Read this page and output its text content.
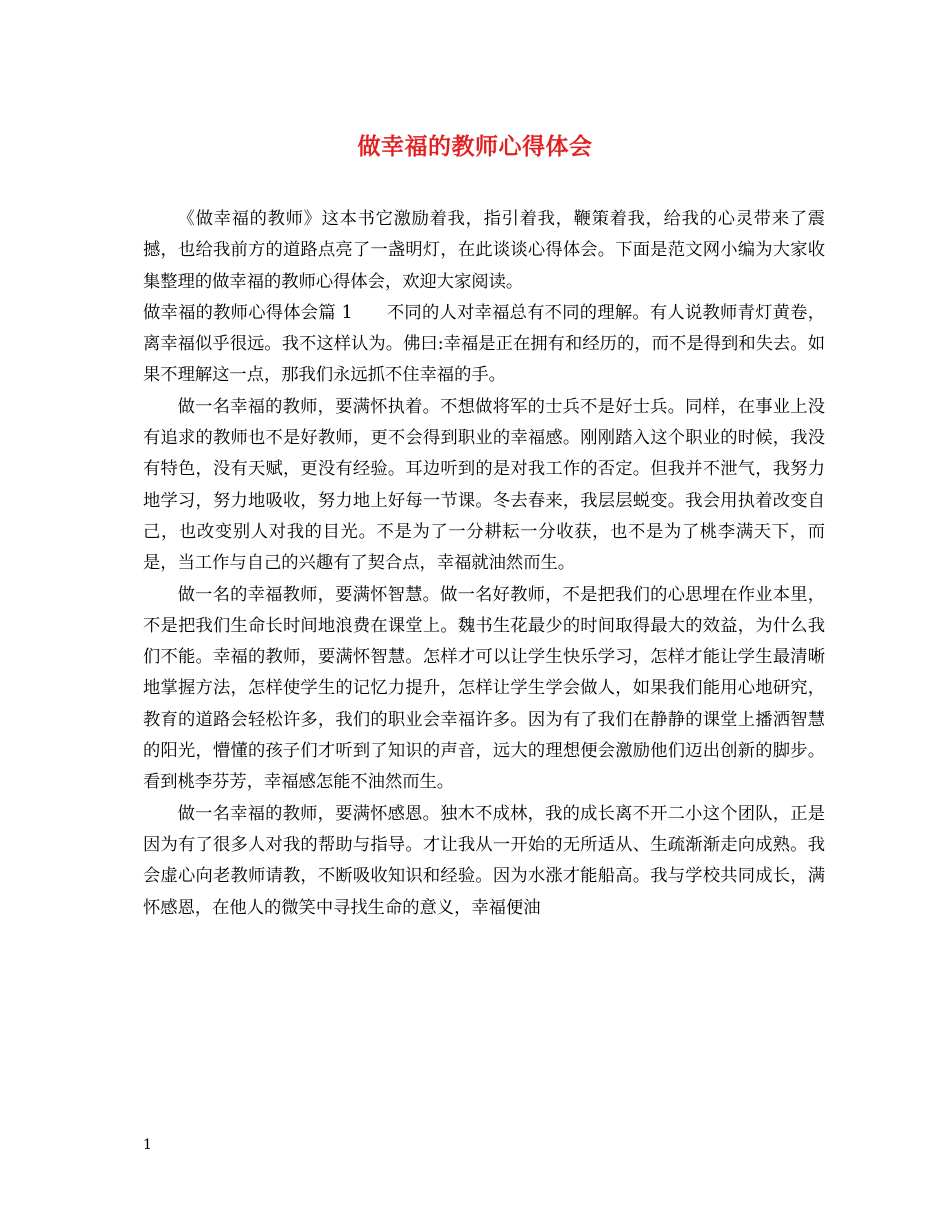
做幸福的教师心得体会

《做幸福的教师》这本书它激励着我，指引着我，鞭策着我，给我的心灵带来了震撼，也给我前方的道路点亮了一盏明灯，在此谈谈心得体会。下面是范文网小编为大家收集整理的做幸福的教师心得体会，欢迎大家阅读。

做幸福的教师心得体会篇 1 不同的人对幸福总有不同的理解。有人说教师青灯黄卷，离幸福似乎很远。我不这样认为。佛曰:幸福是正在拥有和经历的，而不是得到和失去。如果不理解这一点，那我们永远抓不住幸福的手。

做一名幸福的教师，要满怀执着。不想做将军的士兵不是好士兵。同样，在事业上没有追求的教师也不是好教师，更不会得到职业的幸福感。刚刚踏入这个职业的时候，我没有特色，没有天赋，更没有经验。耳边听到的是对我工作的否定。但我并不泄气，我努力地学习，努力地吸收，努力地上好每一节课。冬去春来，我层层蜕变。我会用执着改变自己，也改变别人对我的目光。不是为了一分耕耘一分收获，也不是为了桃李满天下，而是，当工作与自己的兴趣有了契合点，幸福就油然而生。

做一名的幸福教师，要满怀智慧。做一名好教师，不是把我们的心思埋在作业本里，不是把我们生命长时间地浪费在课堂上。魏书生花最少的时间取得最大的效益，为什么我们不能。幸福的教师，要满怀智慧。怎样才可以让学生快乐学习，怎样才能让学生最清晰地掌握方法，怎样使学生的记忆力提升，怎样让学生学会做人，如果我们能用心地研究，教育的道路会轻松许多，我们的职业会幸福许多。因为有了我们在静静的课堂上播洒智慧的阳光，懵懂的孩子们才听到了知识的声音，远大的理想便会激励他们迈出创新的脚步。看到桃李芬芳，幸福感怎能不油然而生。

做一名幸福的教师，要满怀感恩。独木不成林，我的成长离不开二小这个团队，正是因为有了很多人对我的帮助与指导。才让我从一开始的无所适从、生疏渐渐走向成熟。我会虚心向老教师请教，不断吸收知识和经验。因为水涨才能船高。我与学校共同成长，满怀感恩，在他人的微笑中寻找生命的意义，幸福便油

1
